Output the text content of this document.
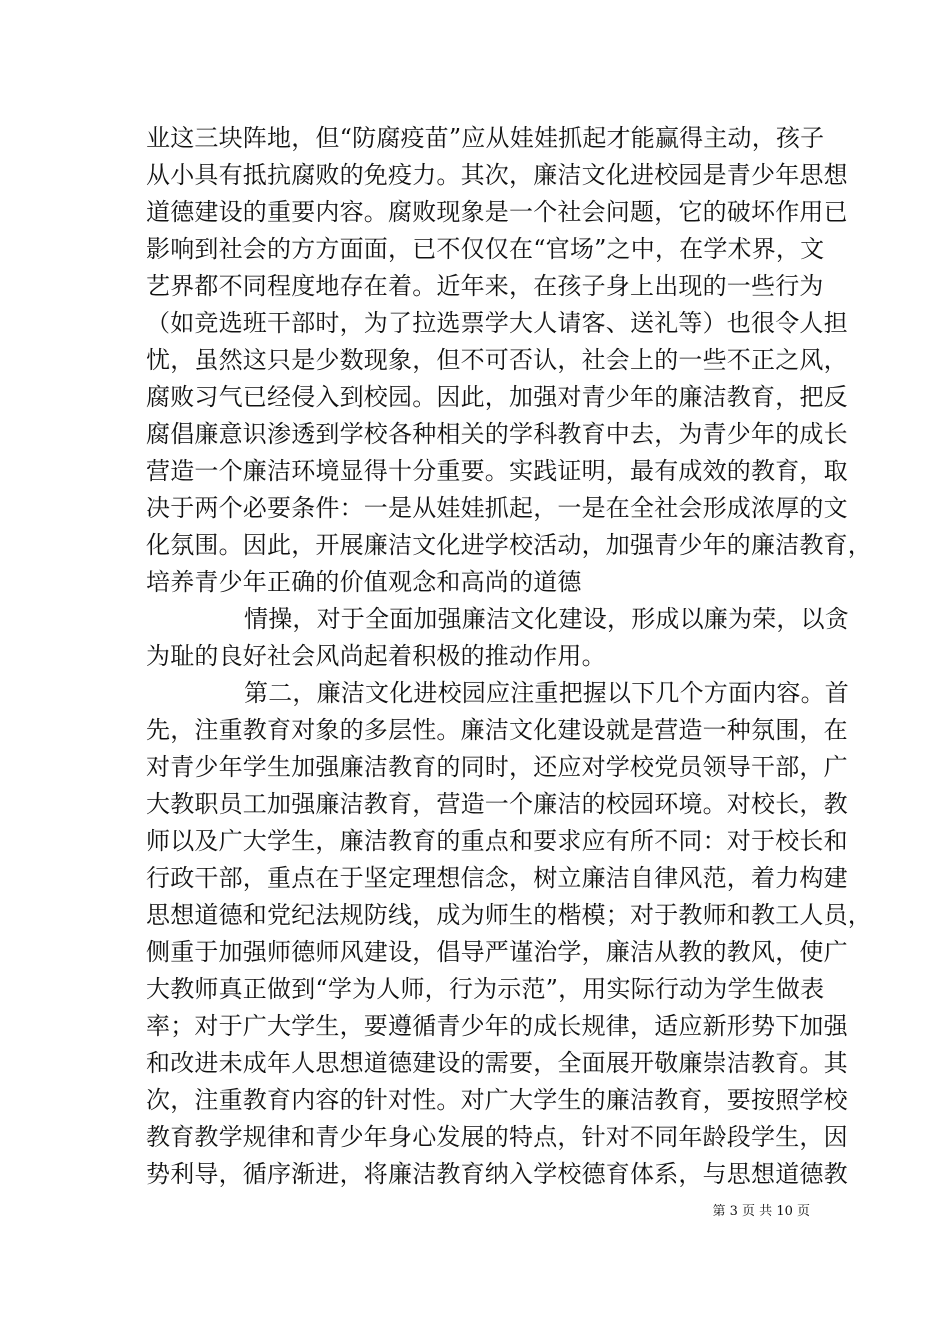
业这三块阵地，但“防腐疫苗”应从娃娃抓起才能赢得主动，孩子
从小具有抵抗腐败的免疫力。其次，廉洁文化进校园是青少年思想
道德建设的重要内容。腐败现象是一个社会问题，它的破坏作用已
影响到社会的方方面面，已不仅仅在“官场”之中，在学术界，文
艺界都不同程度地存在着。近年来，在孩子身上出现的一些行为
（如竞选班干部时，为了拉选票学大人请客、送礼等）也很令人担
忧，虽然这只是少数现象，但不可否认，社会上的一些不正之风，
腐败习气已经侵入到校园。因此，加强对青少年的廉洁教育，把反
腐倡廉意识渗透到学校各种相关的学科教育中去，为青少年的成长
营造一个廉洁环境显得十分重要。实践证明，最有成效的教育，取
决于两个必要条件：一是从娃娃抓起，一是在全社会形成浓厚的文
化氛围。因此，开展廉洁文化进学校活动，加强青少年的廉洁教育，
培养青少年正确的价值观念和高尚的道德
情操，对于全面加强廉洁文化建设，形成以廉为荣，以贪
为耻的良好社会风尚起着积极的推动作用。
第二，廉洁文化进校园应注重把握以下几个方面内容。首
先，注重教育对象的多层性。廉洁文化建设就是营造一种氛围，在
对青少年学生加强廉洁教育的同时，还应对学校党员领导干部，广
大教职员工加强廉洁教育，营造一个廉洁的校园环境。对校长，教
师以及广大学生，廉洁教育的重点和要求应有所不同：对于校长和
行政干部，重点在于坚定理想信念，树立廉洁自律风范，着力构建
思想道德和党纪法规防线，成为师生的楷模；对于教师和教工人员，
侧重于加强师德师风建设，倡导严谨治学，廉洁从教的教风，使广
大教师真正做到“学为人师，行为示范”，用实际行动为学生做表
率；对于广大学生，要遵循青少年的成长规律，适应新形势下加强
和改进未成年人思想道德建设的需要，全面展开敬廉崇洁教育。其
次，注重教育内容的针对性。对广大学生的廉洁教育，要按照学校
教育教学规律和青少年身心发展的特点，针对不同年龄段学生，因
势利导，循序渐进，将廉洁教育纳入学校德育体系，与思想道德教
第 3 页 共 10 页
